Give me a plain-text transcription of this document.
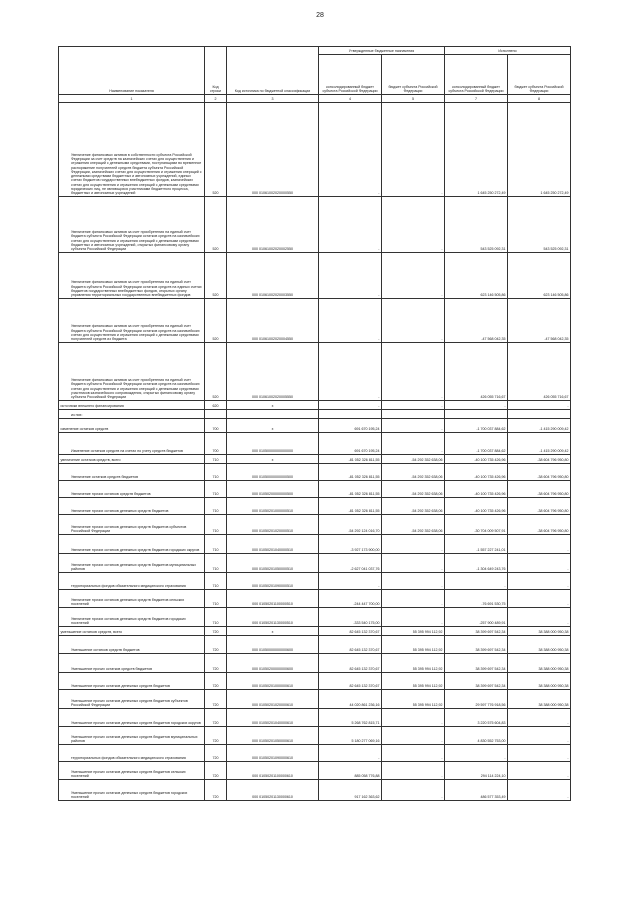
28
Наименование показателя	Код строки	Код источника по бюджетной классификации	Утвержденные бюджетные назначения		Исполнено	
			консолидированный бюджет субъекта Российской Федерации	бюджет субъекта Российской Федерации	консолидированный бюджет субъекта Российской Федерации	бюджет субъекта Российской Федерации
1	2	3	4	5	7	8
Увеличение финансовых активов в собственности субъекта Российской Федерации за счет средств на казначейских счетах для осуществления и отражения операций с денежными средствами, поступающими во временное распоряжение получателей средств бюджета субъекта Российской Федерации, казначейских счетах для осуществления и отражения операций с денежными средствами бюджетных и автономных учреждений, единых счетах бюджетов государственных внебюджетных фондов, казначейских счетах для осуществления и отражения операций с денежными средствами юридических лиц, не являющихся участниками бюджетного процесса, бюджетных и автономных учреждений	520	000 01061002020000550	-	-	1 645 250 272,49	1 645 250 272,49
Увеличение финансовых активов за счет приобретения на единый счет бюджета субъекта Российской Федерации остатков средств на казначейских счетах для осуществления и отражения операций с денежными средствами бюджетных и автономных учреждений, открытых финансовому органу субъекта Российской Федерации	520	000 01061002020002550	-	-	543 525 092,31	543 525 092,31
Увеличение финансовых активов за счет приобретения на единый счет бюджета субъекта Российской Федерации остатков средств на единых счетах бюджетов государственных внебюджетных фондов, открытых органу управления территориальных государственных внебюджетных фондов	520	000 01061002020003550	-	-	623 146 505,86	623 146 505,86
Увеличение финансовых активов за счет приобретения на единый счет бюджета субъекта Российской Федерации остатков средств на казначейских счетах для осуществления и отражения операций с денежными средствами получателей средств из бюджета	520	000 01061002020004550	-	-	-47 568 042,35	-47 568 042,35
Увеличение финансовых активов за счет приобретения на единый счет бюджета субъекта Российской Федерации остатков средств на казначейских счетах для осуществления и отражения операций с денежными средствами участников казначейского сопровождения, открытых финансовому органу субъекта Российской Федерации	520	000 01061002020005550	-	-	426 055 716,67	426 055 716,67
источники внешнего финансирования	620	x	-	-	-	-
из них:						
изменение остатков средств	700	x	691 670 195,24	-	-1 700 037 884,62	-1 415 290 009,42
Изменение остатков средств на счетах по учету средств бюджетов	700	000 01050000000000000	691 670 195,24	-	-1 700 037 884,62	-1 415 290 009,42
увеличение остатков средств, всего	710	x	-81 052 326 811,55	-54 292 352 638,06	-40 100 735 426,96	-38 604 796 950,80
Увеличение остатков средств бюджетов	710	000 01050000000000500	-81 052 326 811,55	-54 292 352 638,06	-40 100 735 426,96	-38 604 796 950,80
Увеличение прочих остатков средств бюджетов	710	000 01050200000000500	-81 052 326 811,55	-54 292 352 638,06	-40 100 735 426,96	-38 604 796 950,80
Увеличение прочих остатков денежных средств бюджетов	710	000 01050201000000510	-81 052 326 811,55	-54 292 352 638,06	-40 100 735 426,96	-38 604 796 950,80
Увеличение прочих остатков денежных средств бюджетов субъектов Российской Федерации	710	000 01050201020000510	-54 292 124 016,70	-54 292 352 638,06	-30 704 009 507,91	-38 604 796 950,80
Увеличение прочих остатков денежных средств бюджетов городских округов	710	000 01050201040000510	-3 927 173 900,00	-	-1 557 227 241,01	-
Увеличение прочих остатков денежных средств бюджетов муниципальных районов	710	000 01050201050000510	-2 627 041 037,76	-	-1 304 649 243,76	-
территориальных фондов обязательного медицинского страхования	710	000 01050201090000510	-	-	-	-
Увеличение прочих остатков денежных средств бюджетов сельских поселений	710	000 01050201100000510	-244 447 700,00	-	-76 691 530,75	-
Увеличение прочих остатков денежных средств бюджетов городских поселений	710	000 01050201130000510	-333 540 175,00	-	-257 900 489,91	-
уменьшение остатков средств, всего	720	x	82 645 132 370,67	55 395 994 112,92	38 399 697 542,34	38 388 000 950,38
Уменьшение остатков средств бюджетов	720	000 01050000000000600	82 645 132 370,67	55 395 994 112,92	38 399 697 542,34	38 388 000 950,38
Уменьшение прочих остатков средств бюджетов	720	000 01050200000000600	82 645 132 370,67	55 395 994 112,92	38 399 697 542,34	38 388 000 950,38
Уменьшение прочих остатков денежных средств бюджетов	720	000 01050201000000610	82 645 132 370,67	55 395 994 112,92	38 399 697 542,34	38 388 000 950,38
Уменьшение прочих остатков денежных средств бюджетов субъектов Российской Федерации	720	000 01050201020000610	44 020 861 236,16	55 395 994 112,92	29 597 776 918,56	38 388 000 950,38
Уменьшение прочих остатков денежных средств бюджетов городских округов	720	000 01050201040000610	5 268 762 815,71	-	3 220 575 604,83	-
Уменьшение прочих остатков денежных средств бюджетов муниципальных районов	720	000 01050201050000610	5 180 277 069,16	-	4 830 552 753,00	-
территориальных фондов обязательного медицинского страхования	720	000 01050201090000610	-	-	-	-
Уменьшение прочих остатков денежных средств бюджетов сельских поселений	720	000 01050201100000610	885 058 776,88	-	294 114 224,10	-
Уменьшение прочих остатков денежных средств бюджетов городских поселений	720	000 01050201130000610	917 162 363,62	-	486 577 353,49	-
